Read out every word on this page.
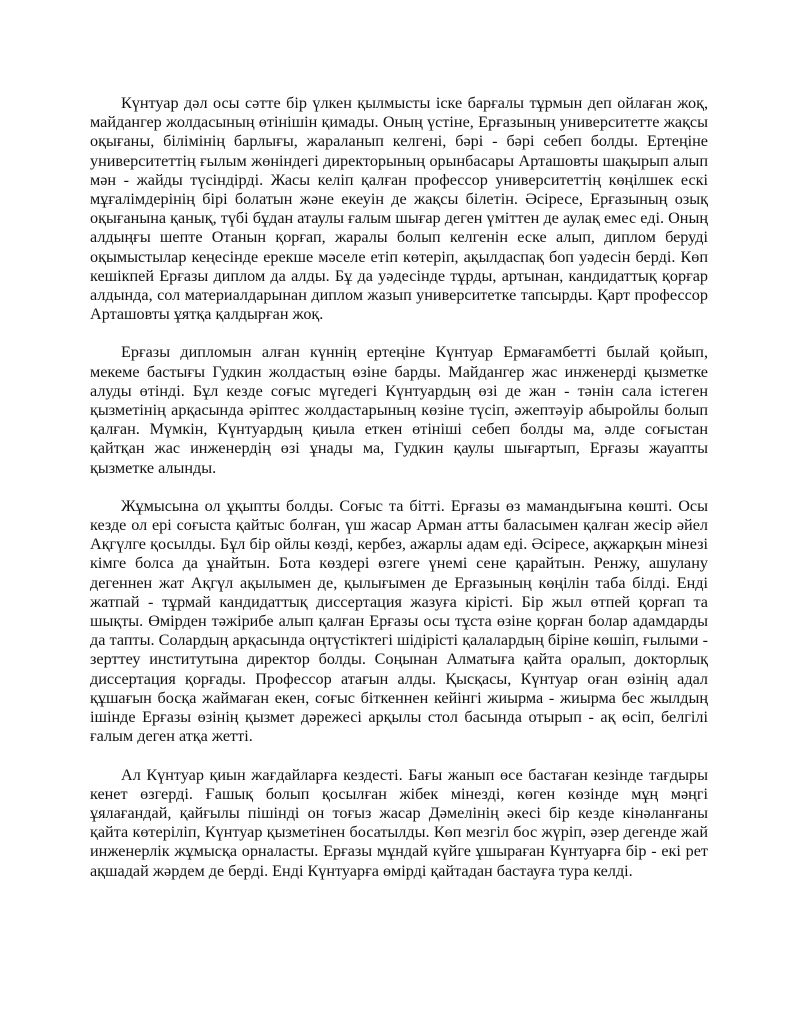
Күнтуар дәл осы сәтте бір үлкен қылмысты іске барғалы тұрмын деп ойлаған жоқ, майдангер жолдасының өтінішін қимады. Оның үстіне, Ерғазының университетте жақсы оқығаны, білімінің барлығы, жараланып келгені, бәрі - бәрі себеп болды. Ертеңіне университеттің ғылым жөніндегі директорының орынбасары Арташовты шақырып алып мән - жайды түсіндірді. Жасы келіп қалған профессор университеттің көңілшек ескі мұғалімдерінің бірі болатын және екеуін де жақсы білетін. Әсіресе, Ерғазының озық оқығанына қанық, түбі бұдан атаулы ғалым шығар деген үміттен де аулақ емес еді. Оның алдыңғы шепте Отанын қорғап, жаралы болып келгенін еске алып, диплом беруді оқымыстылар кеңесінде ерекше мәселе етіп көтеріп, ақылдаспақ боп уәдесін берді. Көп кешікпей Ерғазы диплом да алды. Бұ да уәдесінде тұрды, артынан, кандидаттық қорғар алдында, сол материалдарынан диплом жазып университетке тапсырды. Қарт профессор Арташовты ұятқа қалдырған жоқ.

Ерғазы дипломын алған күннің ертеңіне Күнтуар Ермағамбетті былай қойып, мекеме бастығы Гудкин жолдастың өзіне барды. Майдангер жас инженерді қызметке алуды өтінді. Бұл кезде соғыс мүгедегі Күнтуардың өзі де жан - тәнін сала істеген қызметінің арқасында әріптес жолдастарының көзіне түсіп, әжептәуір абыройлы болып қалған. Мүмкін, Күнтуардың қиыла еткен өтініші себеп болды ма, әлде соғыстан қайтқан жас инженердің өзі ұнады ма, Гудкин қаулы шығартып, Ерғазы жауапты қызметке алынды.

Жұмысына ол ұқыпты болды. Соғыс та бітті. Ерғазы өз мамандығына көшті. Осы кезде ол ері соғыста қайтыс болған, үш жасар Арман атты баласымен қалған жесір әйел Ақгүлге қосылды. Бұл бір ойлы көзді, кербез, ажарлы адам еді. Әсіресе, ақжарқын мінезі кімге болса да ұнайтын. Бота көздері өзгеге үнемі сене қарайтын. Ренжу, ашулану дегеннен жат Ақгүл ақылымен де, қылығымен де Ерғазының көңілін таба білді. Енді жатпай - тұрмай кандидаттық диссертация жазуға кірісті. Бір жыл өтпей қорғап та шықты. Өмірден тәжірибе алып қалған Ерғазы осы тұста өзіне қорған болар адамдарды да тапты. Солардың арқасында оңтүстіктегі шідірісті қалалардың біріне көшіп, ғылыми - зерттеу институтына директор болды. Соңынан Алматыға қайта оралып, докторлық диссертация қорғады. Профессор атағын алды. Қысқасы, Күнтуар оған өзінің адал құшағын босқа жаймаған екен, соғыс біткеннен кейінгі жиырма - жиырма бес жылдың ішінде Ерғазы өзінің қызмет дәрежесі арқылы стол басында отырып - ақ өсіп, белгілі ғалым деген атқа жетті.

Ал Күнтуар қиын жағдайларға кездесті. Бағы жанып өсе бастаған кезінде тағдыры кенет өзгерді. Ғашық болып қосылған жібек мінезді, көген көзінде мұң мәңгі ұялағандай, қайғылы пішінді он тоғыз жасар Дәмелінің әкесі бір кезде кінәланғаны қайта көтеріліп, Күнтуар қызметінен босатылды. Көп мезгіл бос жүріп, әзер дегенде жай инженерлік жұмысқа орналасты. Ерғазы мұндай күйге ұшыраған Күнтуарға бір - екі рет ақшадай жәрдем де берді. Енді Күнтуарға өмірді қайтадан бастауға тура келді.
